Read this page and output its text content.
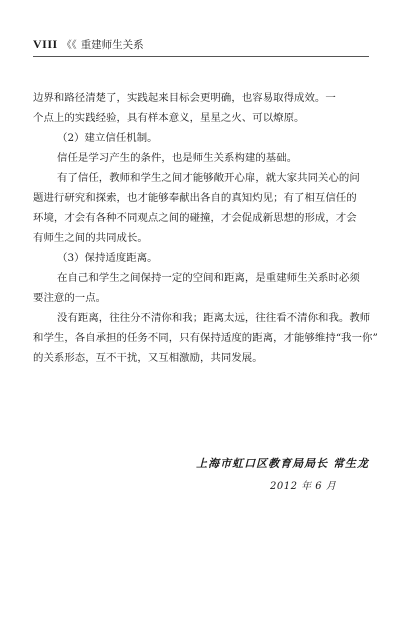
VIII 《《 重建师生关系
边界和路径清楚了，实践起来目标会更明确，也容易取得成效。一
个点上的实践经验，具有样本意义，星星之火、可以燎原。
（2）建立信任机制。
信任是学习产生的条件，也是师生关系构建的基础。
有了信任，教师和学生之间才能够敞开心扉，就大家共同关心的问
题进行研究和探索，也才能够奉献出各自的真知灼见；有了相互信任的
环境，才会有各种不同观点之间的碰撞，才会促成新思想的形成，才会
有师生之间的共同成长。
（3）保持适度距离。
在自己和学生之间保持一定的空间和距离，是重建师生关系时必须
要注意的一点。
没有距离，往往分不清你和我；距离太远，往往看不清你和我。教师
和学生，各自承担的任务不同，只有保持适度的距离，才能够维持“我一你”
的关系形态，互不干扰，又互相激励，共同发展。
上海市虹口区教育局局长 常生龙
2012 年 6 月
